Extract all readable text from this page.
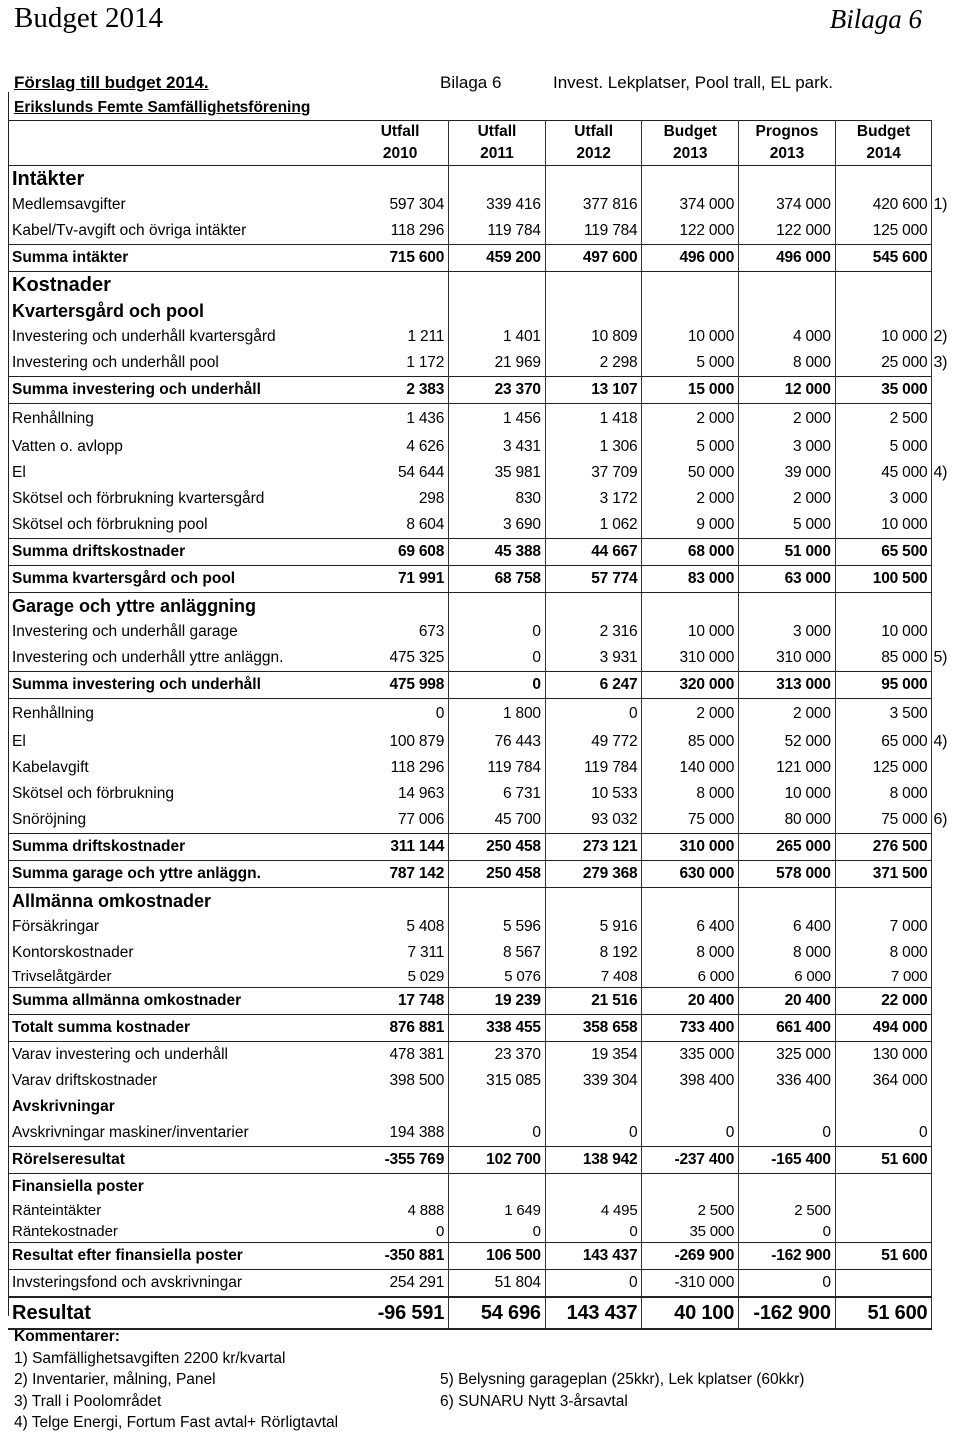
Budget 2014	Bilaga 6
Förslag till budget 2014.	Bilaga 6	Invest. Lekplatser, Pool trall, EL park.
Erikslunds Femte Samfällighetsförening
	Utfall	Utfall	Utfall	Budget	Prognos	Budget
	2010	2011	2012	2013	2013	2014
Intäkter						
Medlemsavgifter	597 304	339 416	377 816	374 000	374 000	420 600 1)

Kabel/Tv-avgift och övriga intäkter	118 296	119 784	119 784	122 000	122 000	125 000
Summa intäkter	715 600	459 200	497 600	496 000	496 000	545 600
Kostnader						
Kvartersgård och pool						
Investering och underhåll kvartersgård	1 211	1 401	10 809	10 000	4 000	10 000 2)

Investering och underhåll pool	1 172	21 969	2 298	5 000	8 000	25 000 3)

Summa investering och underhåll	2 383	23 370	13 107	15 000	12 000	35 000
Renhållning	1 436	1 456	1 418	2 000	2 000	2 500
Vatten o. avlopp	4 626	3 431	1 306	5 000	3 000	5 000
El	54 644	35 981	37 709	50 000	39 000	45 000 4)

Skötsel och förbrukning kvartersgård	298	830	3 172	2 000	2 000	3 000
Skötsel och förbrukning pool	8 604	3 690	1 062	9 000	5 000	10 000
Summa driftskostnader	69 608	45 388	44 667	68 000	51 000	65 500
Summa kvartersgård och pool	71 991	68 758	57 774	83 000	63 000	100 500
Garage och yttre anläggning						
Investering och underhåll garage	673	0	2 316	10 000	3 000	10 000
Investering och underhåll yttre anläggn.	475 325	0	3 931	310 000	310 000	85 000 5)

Summa investering och underhåll	475 998	0	6 247	320 000	313 000	95 000
Renhållning	0	1 800	0	2 000	2 000	3 500
El	100 879	76 443	49 772	85 000	52 000	65 000 4)

Kabelavgift	118 296	119 784	119 784	140 000	121 000	125 000
Skötsel och förbrukning	14 963	6 731	10 533	8 000	10 000	8 000
Snöröjning	77 006	45 700	93 032	75 000	80 000	75 000 6)

Summa driftskostnader	311 144	250 458	273 121	310 000	265 000	276 500
Summa garage och yttre anläggn.	787 142	250 458	279 368	630 000	578 000	371 500
Allmänna omkostnader						
Försäkringar	5 408	5 596	5 916	6 400	6 400	7 000
Kontorskostnader	7 311	8 567	8 192	8 000	8 000	8 000
Trivselåtgärder	5 029	5 076	7 408	6 000	6 000	7 000
Summa allmänna omkostnader	17 748	19 239	21 516	20 400	20 400	22 000
Totalt summa kostnader	876 881	338 455	358 658	733 400	661 400	494 000
Varav investering och underhåll	478 381	23 370	19 354	335 000	325 000	130 000
Varav driftskostnader	398 500	315 085	339 304	398 400	336 400	364 000
Avskrivningar						
Avskrivningar maskiner/inventarier	194 388	0	0	0	0	0
Rörelseresultat	-355 769	102 700	138 942	-237 400	-165 400	51 600
Finansiella poster						
Ränteintäkter	4 888	1 649	4 495	2 500	2 500	
Räntekostnader	0	0	0	35 000	0	
Resultat efter finansiella poster	-350 881	106 500	143 437	-269 900	-162 900	51 600
Invsteringsfond och avskrivningar	254 291	51 804	0	-310 000	0	
Resultat	-96 591	54 696	143 437	40 100	-162 900	51 600
Kommentarer:
1) Samfällighetsavgiften 2200 kr/kvartal
2) Inventarier, målning, Panel
3) Trall i Poolområdet
4) Telge Energi, Fortum Fast avtal+ Rörligtavtal
5) Belysning garageplan (25kkr), Lek kplatser (60kkr)
6) SUNARU Nytt 3-årsavtal
